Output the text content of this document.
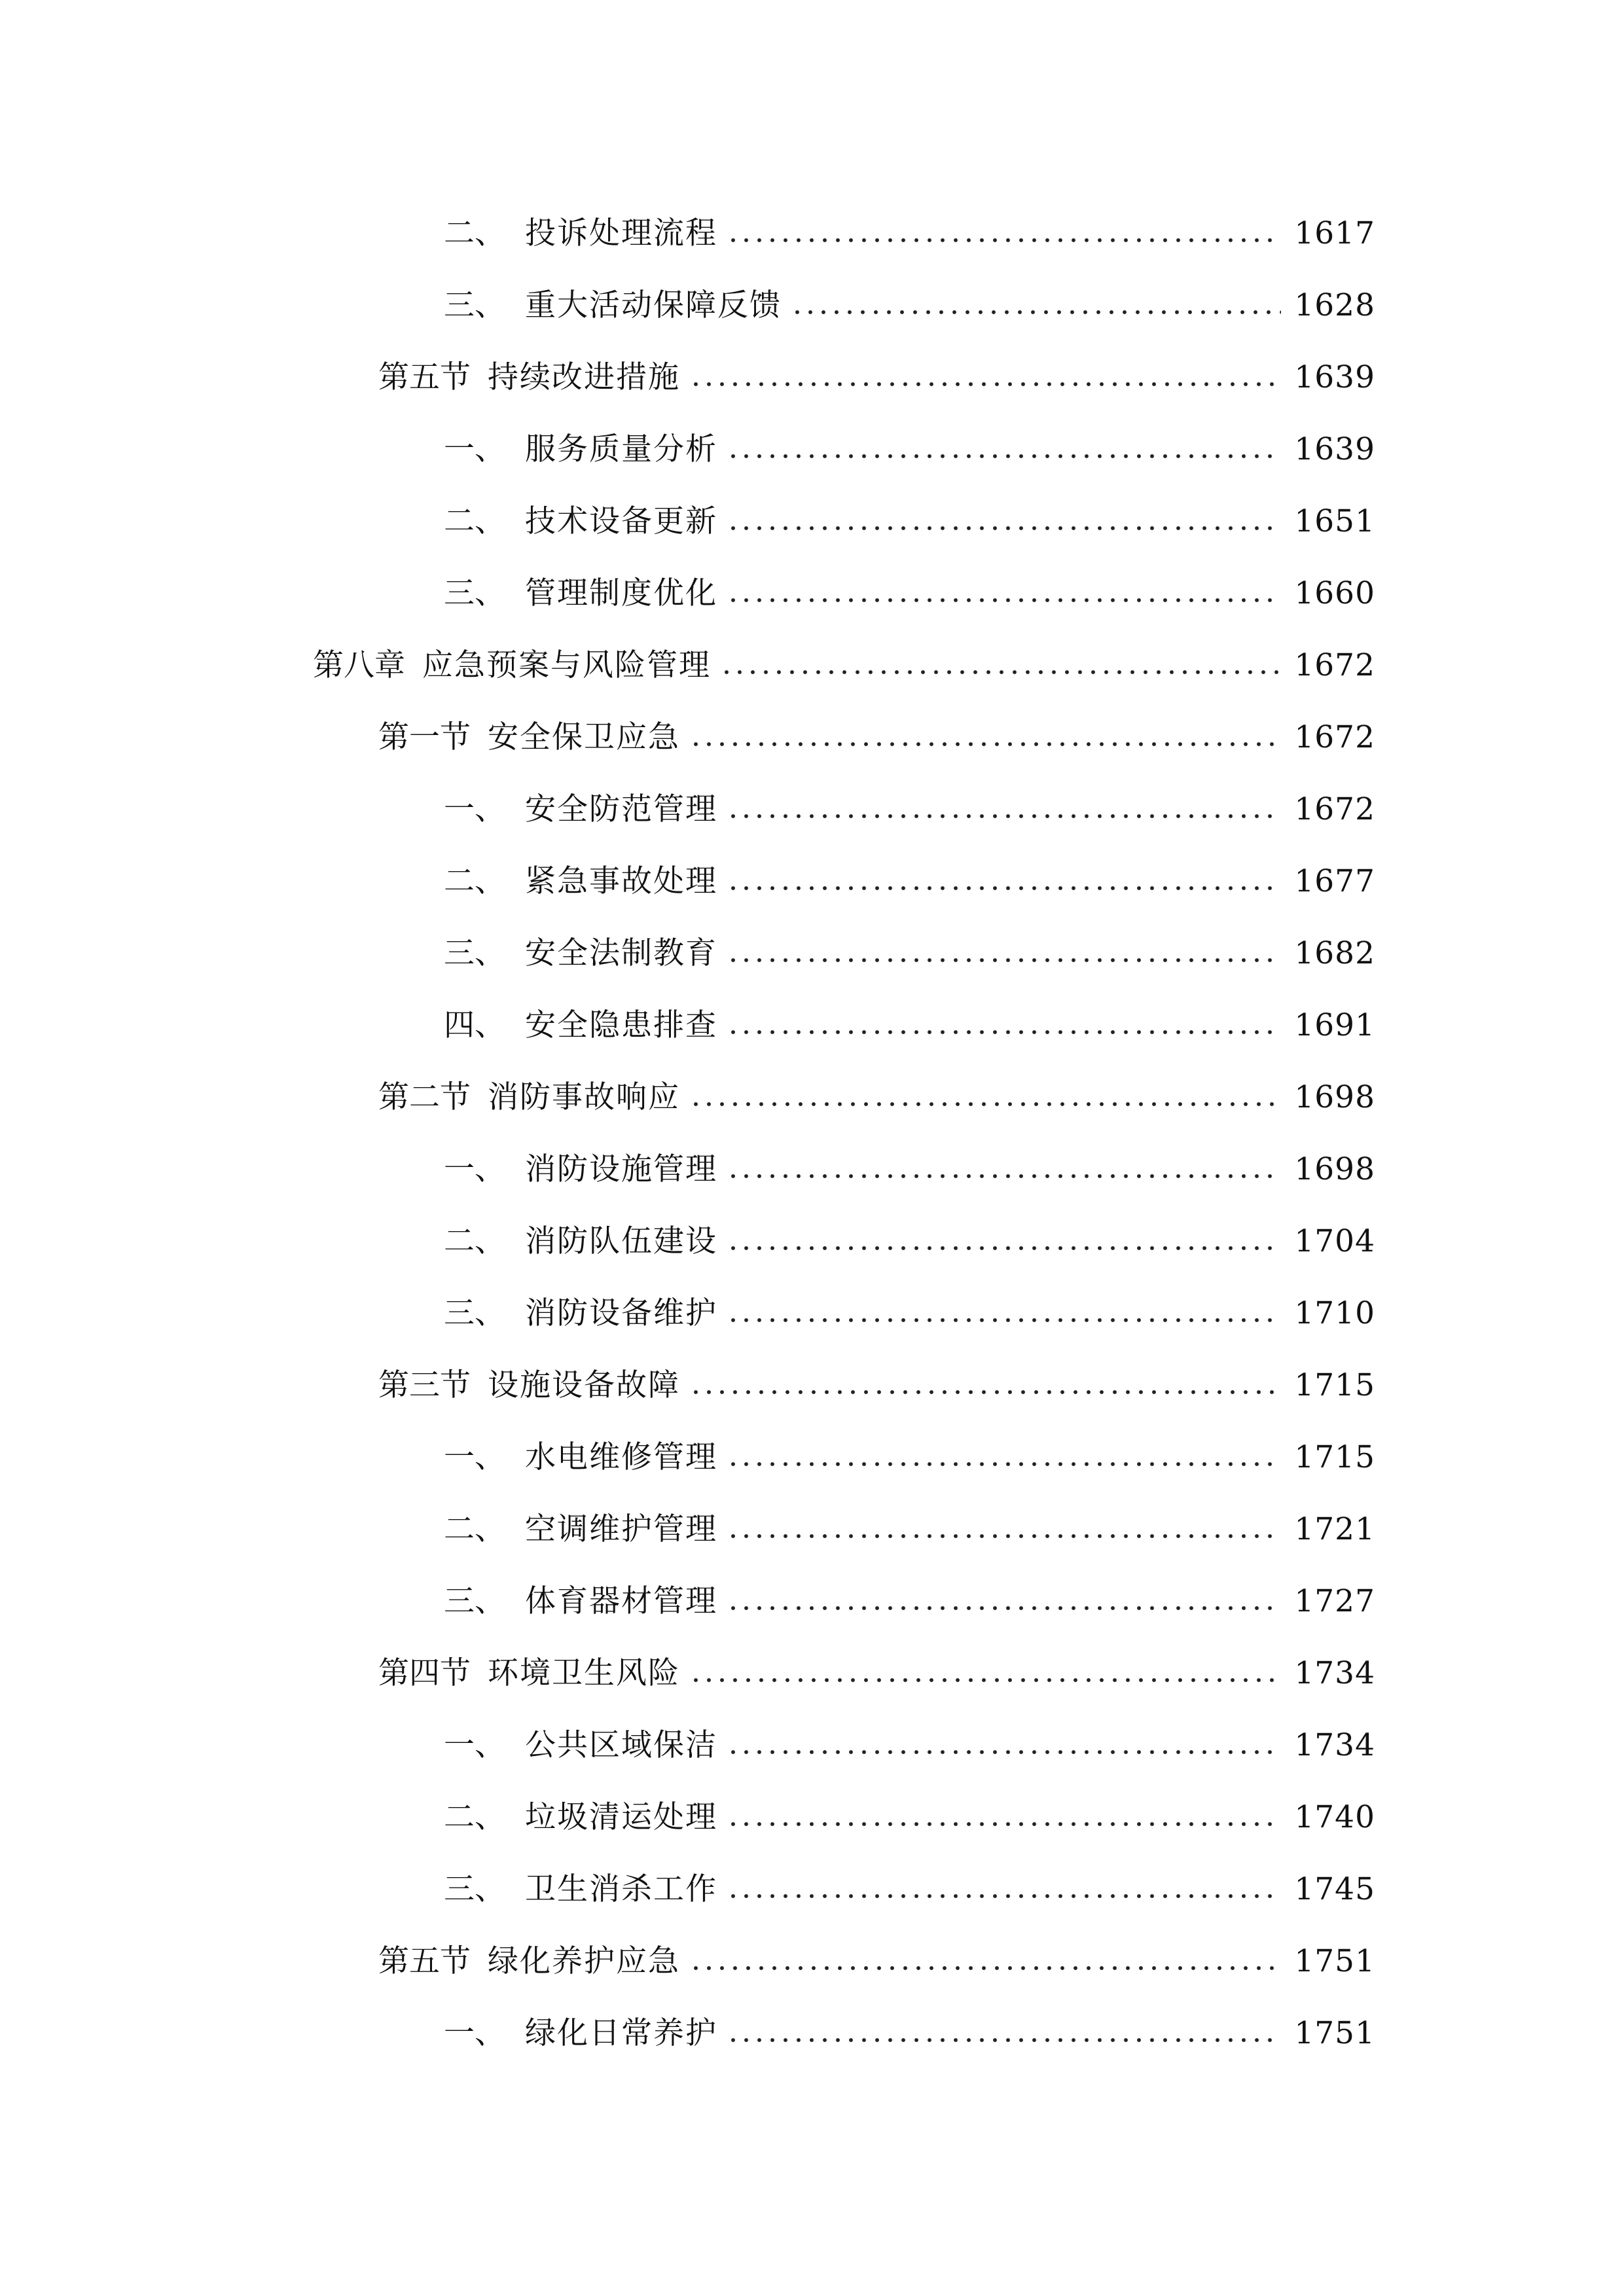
二、 投诉处理流程	1617
三、 重大活动保障反馈	1628
第五节 持续改进措施	1639
一、 服务质量分析	1639
二、 技术设备更新	1651
三、 管理制度优化	1660
第八章 应急预案与风险管理	1672
第一节 安全保卫应急	1672
一、 安全防范管理	1672
二、 紧急事故处理	1677
三、 安全法制教育	1682
四、 安全隐患排查	1691
第二节 消防事故响应	1698
一、 消防设施管理	1698
二、 消防队伍建设	1704
三、 消防设备维护	1710
第三节 设施设备故障	1715
一、 水电维修管理	1715
二、 空调维护管理	1721
三、 体育器材管理	1727
第四节 环境卫生风险	1734
一、 公共区域保洁	1734
二、 垃圾清运处理	1740
三、 卫生消杀工作	1745
第五节 绿化养护应急	1751
一、 绿化日常养护	1751
